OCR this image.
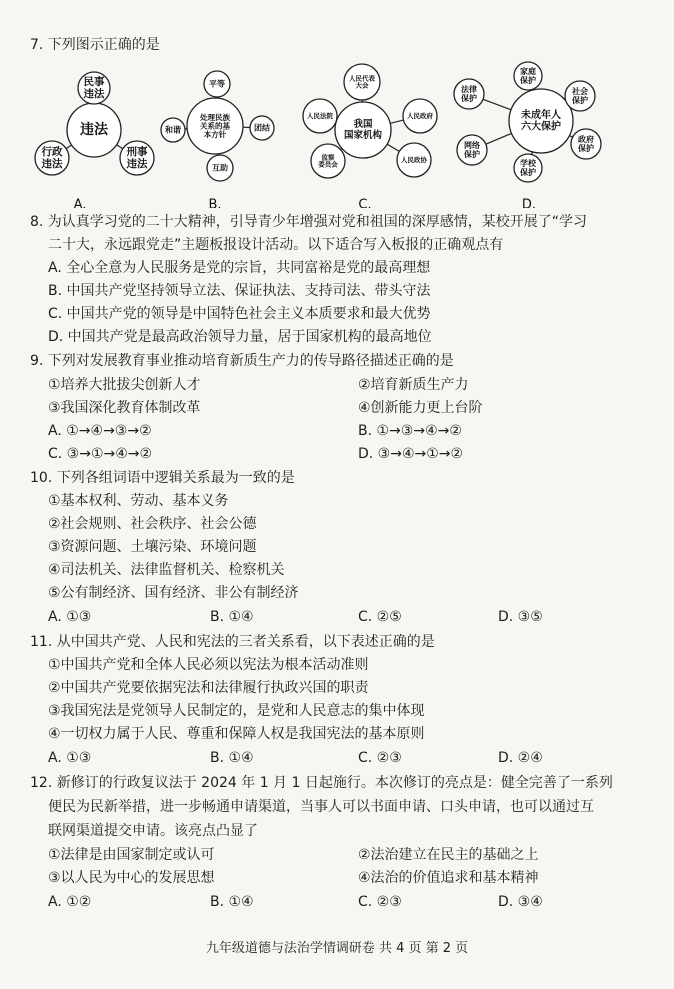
7. 下列图示正确的是
违法
民事
违法
行政
违法
刑事
违法
A.
处理民族
关系的基
本方针
平等
和谐	团结
互助
B.
我国
国家机构
人民代表
大会
人民法院	人民政府
监察
委员会
人民政协
C.
未成年人
六大保护
家庭
保护
法律
保护
社会
保护
网络
保护
政府
保护
学校
保护
D.
8. 为认真学习党的二十大精神，引导青少年增强对党和祖国的深厚感情，某校开展了“学习
二十大，永远跟党走”主题板报设计活动。以下适合写入板报的正确观点有
A. 全心全意为人民服务是党的宗旨，共同富裕是党的最高理想
B. 中国共产党坚持领导立法、保证执法、支持司法、带头守法
C. 中国共产党的领导是中国特色社会主义本质要求和最大优势
D. 中国共产党是最高政治领导力量，居于国家机构的最高地位
9. 下列对发展教育事业推动培育新质生产力的传导路径描述正确的是
①培养大批拔尖创新人才	②培育新质生产力
③我国深化教育体制改革	④创新能力更上台阶
A. ①→④→③→②	B. ①→③→④→②
C. ③→①→④→②	D. ③→④→①→②
10. 下列各组词语中逻辑关系最为一致的是
①基本权利、劳动、基本义务
②社会规则、社会秩序、社会公德
③资源问题、土壤污染、环境问题
④司法机关、法律监督机关、检察机关
⑤公有制经济、国有经济、非公有制经济
A. ①③	B. ①④	C. ②⑤	D. ③⑤
11. 从中国共产党、人民和宪法的三者关系看，以下表述正确的是
①中国共产党和全体人民必须以宪法为根本活动准则
②中国共产党要依据宪法和法律履行执政兴国的职责
③我国宪法是党领导人民制定的，是党和人民意志的集中体现
④一切权力属于人民、尊重和保障人权是我国宪法的基本原则
A. ①③	B. ①④	C. ②③	D. ②④
12. 新修订的行政复议法于 2024 年 1 月 1 日起施行。本次修订的亮点是：健全完善了一系列
便民为民新举措，进一步畅通申请渠道，当事人可以书面申请、口头申请，也可以通过互
联网渠道提交申请。该亮点凸显了
①法律是由国家制定或认可	②法治建立在民主的基础之上
③以人民为中心的发展思想	④法治的价值追求和基本精神
A. ①②	B. ①④	C. ②③	D. ③④
九年级道德与法治学情调研卷 共 4 页 第 2 页
